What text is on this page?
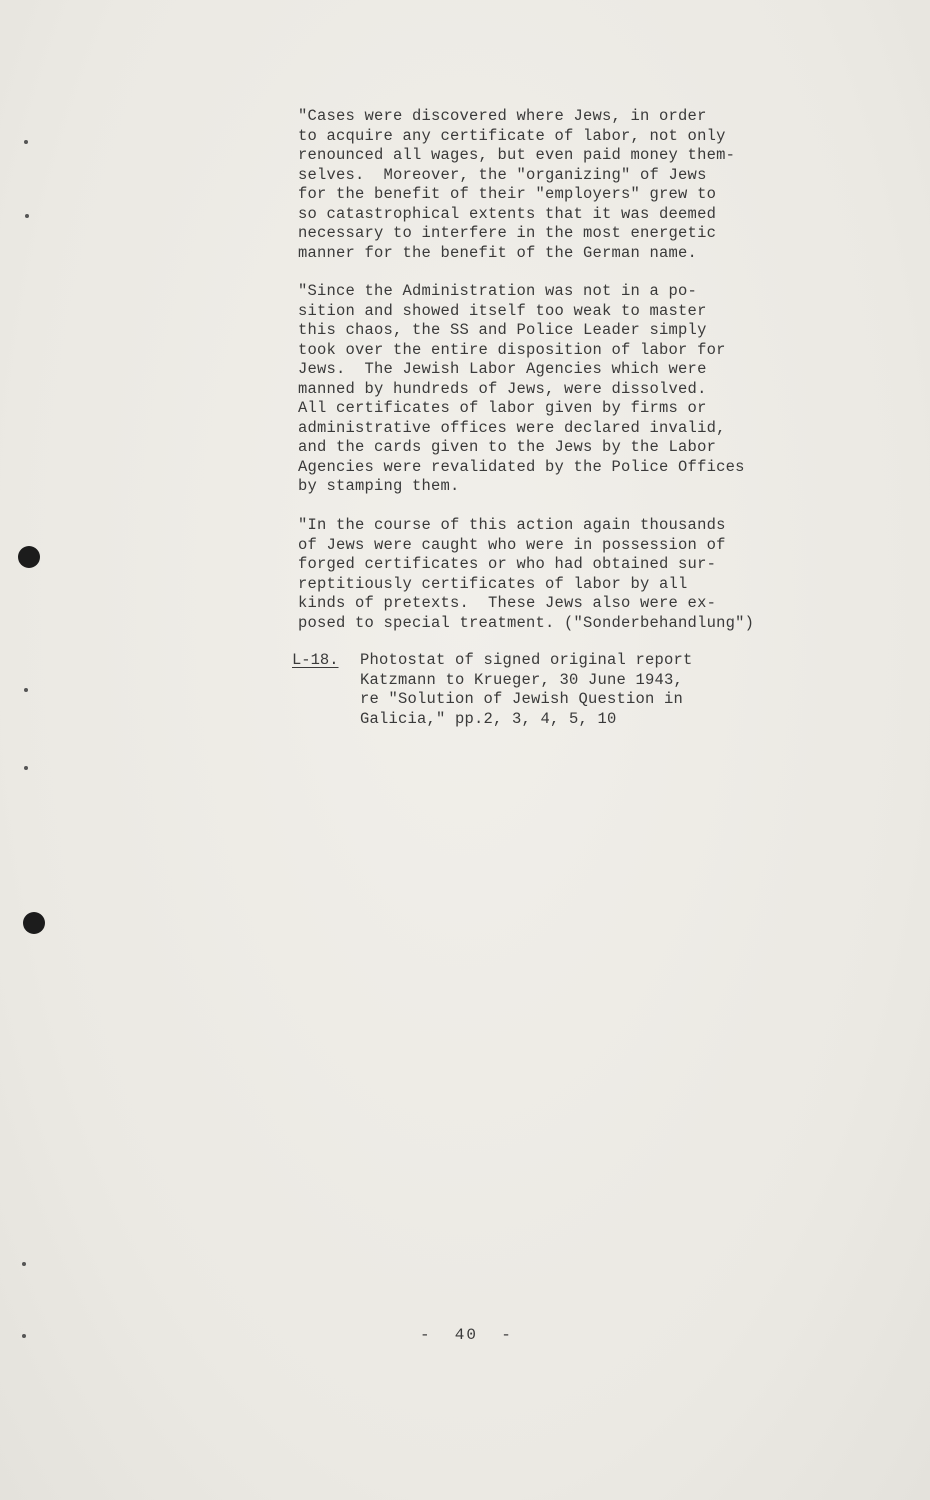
"Cases were discovered where Jews, in order
to acquire any certificate of labor, not only
renounced all wages, but even paid money them-
selves.  Moreover, the "organizing" of Jews
for the benefit of their "employers" grew to
so catastrophical extents that it was deemed
necessary to interfere in the most energetic
manner for the benefit of the German name.
"Since the Administration was not in a po-
sition and showed itself too weak to master
this chaos, the SS and Police Leader simply
took over the entire disposition of labor for
Jews.  The Jewish Labor Agencies which were
manned by hundreds of Jews, were dissolved.
All certificates of labor given by firms or
administrative offices were declared invalid,
and the cards given to the Jews by the Labor
Agencies were revalidated by the Police Offices
by stamping them.
"In the course of this action again thousands
of Jews were caught who were in possession of
forged certificates or who had obtained sur-
reptitiously certificates of labor by all
kinds of pretexts.  These Jews also were ex-
posed to special treatment. ("Sonderbehandlung")
L-18. Photostat of signed original report
Katzmann to Krueger, 30 June 1943,
re "Solution of Jewish Question in
Galicia," pp.2, 3, 4, 5, 10
-  40  -
